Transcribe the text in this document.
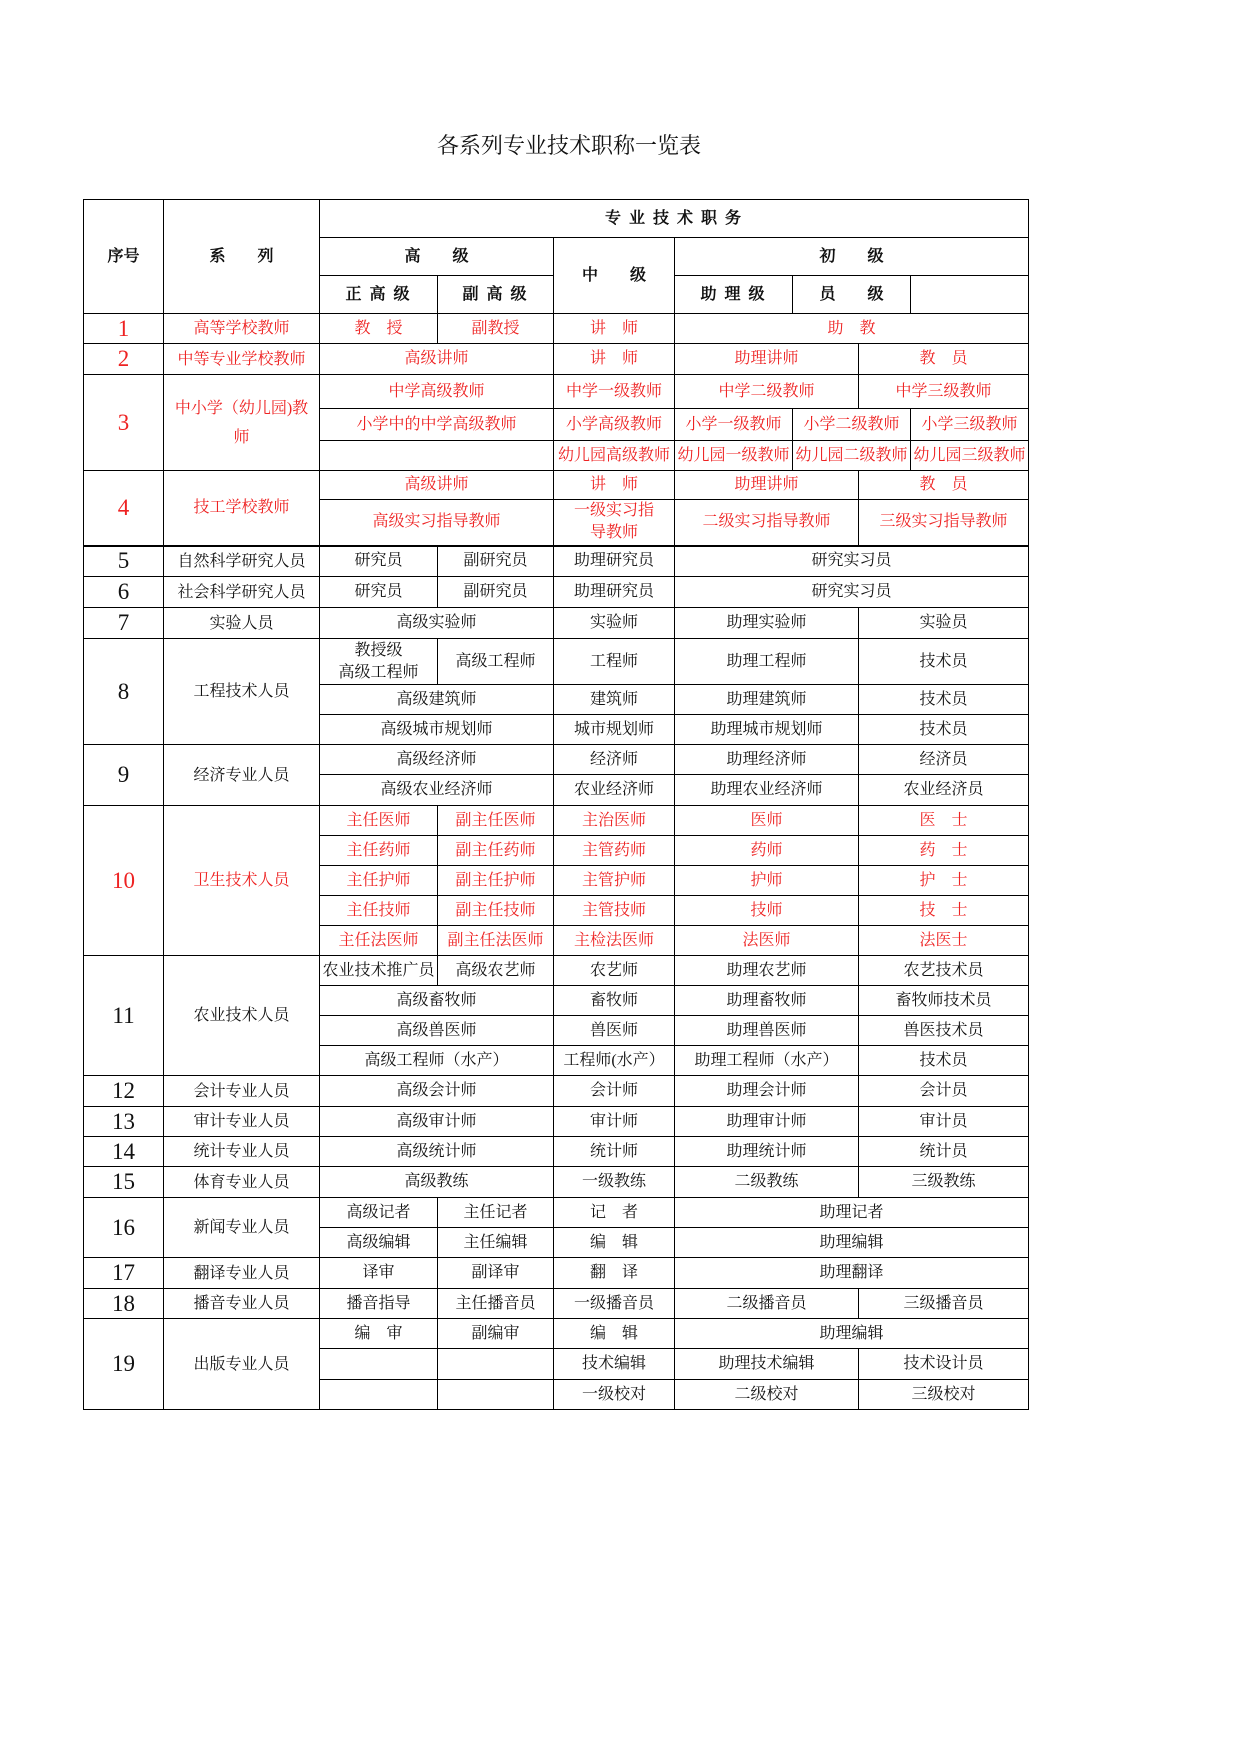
各系列专业技术职称一览表
序号	系　　列	专 业 技 术 职 务						
		高　　级		中　　级	初　　级			
		正 高 级	副 高 级		助 理 级	员　　级		
1	高等学校教师	教　授	副教授	讲　师	助　教			
2	中等专业学校教师	高级讲师		讲　师	助理讲师		教　员	
3	中小学（幼儿园)教
师	中学高级教师		中学一级教师	中学二级教师		中学三级教师	
		小学中的中学高级教师		小学高级教师	小学一级教师	小学二级教师		小学三级教师
				幼儿园高级教师	幼儿园一级教师	幼儿园二级教师		幼儿园三级教师
4	技工学校教师	高级讲师		讲　师	助理讲师		教　员	
		高级实习指导教师		一级实习指
导教师	二级实习指导教师		三级实习指导教师	
5	自然科学研究人员	研究员	副研究员	助理研究员	研究实习员			
6	社会科学研究人员	研究员	副研究员	助理研究员	研究实习员			
7	实验人员	高级实验师		实验师	助理实验师		实验员	
8	工程技术人员	教授级
高级工程师	高级工程师	工程师	助理工程师		技术员	
		高级建筑师		建筑师	助理建筑师		技术员	
		高级城市规划师		城市规划师	助理城市规划师		技术员	
9	经济专业人员	高级经济师		经济师	助理经济师		经济员	
		高级农业经济师		农业经济师	助理农业经济师		农业经济员	
10	卫生技术人员	主任医师	副主任医师	主治医师	医师		医　士	
		主任药师	副主任药师	主管药师	药师		药　士	
		主任护师	副主任护师	主管护师	护师		护　士	
		主任技师	副主任技师	主管技师	技师		技　士	
		主任法医师	副主任法医师	主检法医师	法医师		法医士	
11	农业技术人员	农业技术推广员	高级农艺师	农艺师	助理农艺师		农艺技术员	
		高级畜牧师		畜牧师	助理畜牧师		畜牧师技术员	
		高级兽医师		兽医师	助理兽医师		兽医技术员	
		高级工程师（水产）		工程师(水产）	助理工程师（水产）		技术员	
12	会计专业人员	高级会计师		会计师	助理会计师		会计员	
13	审计专业人员	高级审计师		审计师	助理审计师		审计员	
14	统计专业人员	高级统计师		统计师	助理统计师		统计员	
15	体育专业人员	高级教练		一级教练	二级教练		三级教练	
16	新闻专业人员	高级记者	主任记者	记　者	助理记者			
		高级编辑	主任编辑	编　辑	助理编辑			
17	翻译专业人员	译审	副译审	翻　译	助理翻译			
18	播音专业人员	播音指导	主任播音员	一级播音员	二级播音员		三级播音员	
19	出版专业人员	编　审	副编审	编　辑	助理编辑			
				技术编辑	助理技术编辑		技术设计员	
				一级校对	二级校对		三级校对	
